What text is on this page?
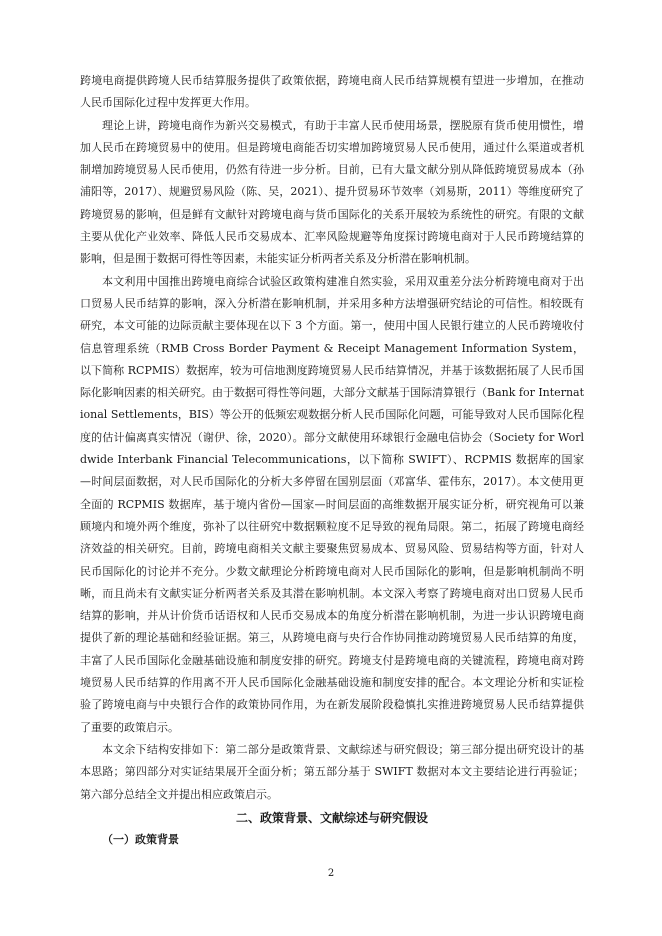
跨境电商提供跨境人民币结算服务提供了政策依据，跨境电商人民币结算规模有望进一步增加，在推动人民币国际化过程中发挥更大作用。

理论上讲，跨境电商作为新兴交易模式，有助于丰富人民币使用场景，摆脱原有货币使用惯性，增加人民币在跨境贸易中的使用。但是跨境电商能否切实增加跨境贸易人民币使用，通过什么渠道或者机制增加跨境贸易人民币使用，仍然有待进一步分析。目前，已有大量文献分别从降低跨境贸易成本（孙浦阳等，2017）、规避贸易风险（陈、吴，2021）、提升贸易环节效率（刘易斯，2011）等维度研究了跨境贸易的影响，但是鲜有文献针对跨境电商与货币国际化的关系开展较为系统性的研究。有限的文献主要从优化产业效率、降低人民币交易成本、汇率风险规避等角度探讨跨境电商对于人民币跨境结算的影响，但是囿于数据可得性等因素，未能实证分析两者关系及分析潜在影响机制。

本文利用中国推出跨境电商综合试验区政策构建准自然实验，采用双重差分法分析跨境电商对于出口贸易人民币结算的影响，深入分析潜在影响机制，并采用多种方法增强研究结论的可信性。相较既有研究，本文可能的边际贡献主要体现在以下 3 个方面。第一，使用中国人民银行建立的人民币跨境收付信息管理系统（RMB Cross Border Payment & Receipt Management Information System，以下简称 RCPMIS）数据库，较为可信地测度跨境贸易人民币结算情况，并基于该数据拓展了人民币国际化影响因素的相关研究。由于数据可得性等问题，大部分文献基于国际清算银行（Bank for International Settlements，BIS）等公开的低频宏观数据分析人民币国际化问题，可能导致对人民币国际化程度的估计偏离真实情况（谢伊、徐，2020）。部分文献使用环球银行金融电信协会（Society for Worldwide Interbank Financial Telecommunications，以下简称 SWIFT）、RCPMIS 数据库的国家—时间层面数据，对人民币国际化的分析大多停留在国别层面（邓富华、霍伟东，2017）。本文使用更全面的 RCPMIS 数据库，基于境内省份—国家—时间层面的高维数据开展实证分析，研究视角可以兼顾境内和境外两个维度，弥补了以往研究中数据颗粒度不足导致的视角局限。第二，拓展了跨境电商经济效益的相关研究。目前，跨境电商相关文献主要聚焦贸易成本、贸易风险、贸易结构等方面，针对人民币国际化的讨论并不充分。少数文献理论分析跨境电商对人民币国际化的影响，但是影响机制尚不明晰，而且尚未有文献实证分析两者关系及其潜在影响机制。本文深入考察了跨境电商对出口贸易人民币结算的影响，并从计价货币话语权和人民币交易成本的角度分析潜在影响机制，为进一步认识跨境电商提供了新的理论基础和经验证据。第三，从跨境电商与央行合作协同推动跨境贸易人民币结算的角度，丰富了人民币国际化金融基础设施和制度安排的研究。跨境支付是跨境电商的关键流程，跨境电商对跨境贸易人民币结算的作用离不开人民币国际化金融基础设施和制度安排的配合。本文理论分析和实证检验了跨境电商与中央银行合作的政策协同作用，为在新发展阶段稳慎扎实推进跨境贸易人民币结算提供了重要的政策启示。

本文余下结构安排如下：第二部分是政策背景、文献综述与研究假设；第三部分提出研究设计的基本思路；第四部分对实证结果展开全面分析；第五部分基于 SWIFT 数据对本文主要结论进行再验证；第六部分总结全文并提出相应政策启示。

二、政策背景、文献综述与研究假设
（一）政策背景
2
